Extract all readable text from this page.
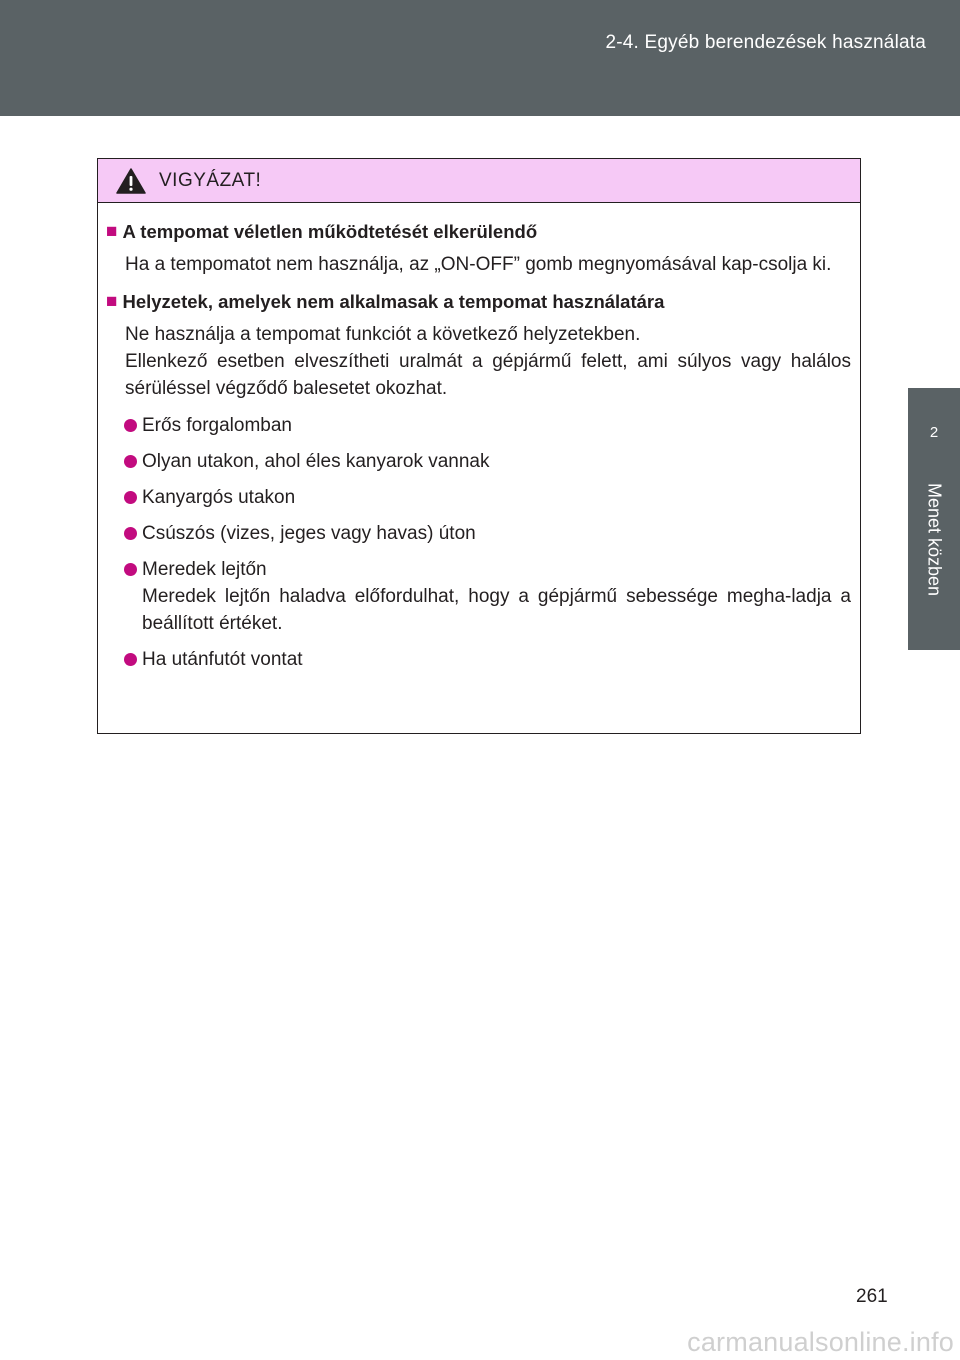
2-4. Egyéb berendezések használata
2
Menet közben
VIGYÁZAT!
■ A tempomat véletlen működtetését elkerülendő
Ha a tempomatot nem használja, az „ON-OFF” gomb megnyomásával kap-csolja ki.
■ Helyzetek, amelyek nem alkalmasak a tempomat használatára
Ne használja a tempomat funkciót a következő helyzetekben.
Ellenkező esetben elveszítheti uralmát a gépjármű felett, ami súlyos vagy halálos sérüléssel végződő balesetet okozhat.
Erős forgalomban
Olyan utakon, ahol éles kanyarok vannak
Kanyargós utakon
Csúszós (vizes, jeges vagy havas) úton
Meredek lejtőn
Meredek lejtőn haladva előfordulhat, hogy a gépjármű sebessége megha-ladja a beállított értéket.
Ha utánfutót vontat
261
carmanualsonline.info
